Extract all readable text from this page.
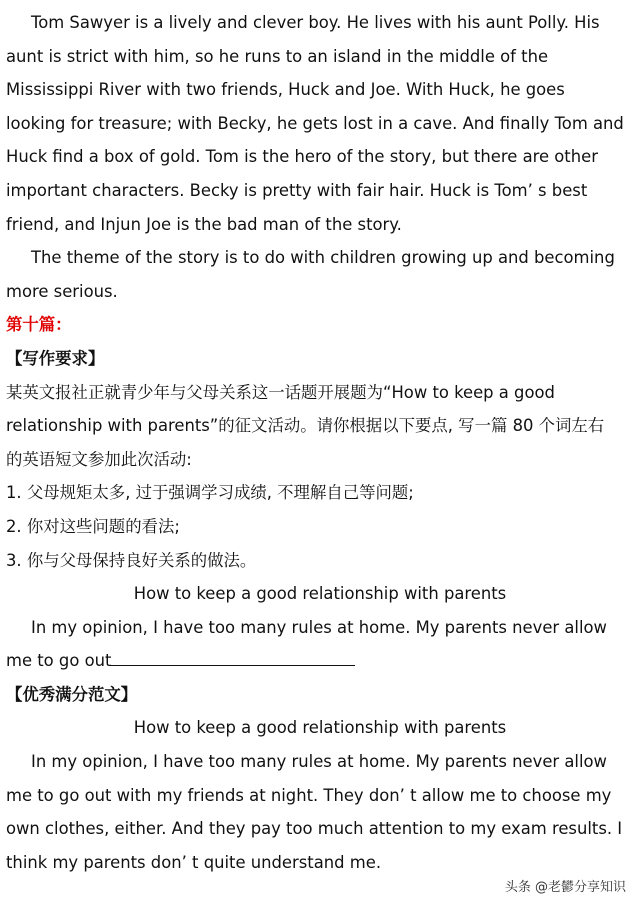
Tom Sawyer is a lively and clever boy. He lives with his aunt Polly. His
aunt is strict with him, so he runs to an island in the middle of the
Mississippi River with two friends, Huck and Joe. With Huck, he goes
looking for treasure; with Becky, he gets lost in a cave. And finally Tom and
Huck find a box of gold. Tom is the hero of the story, but there are other
important characters. Becky is pretty with fair hair. Huck is Tom’ s best
friend, and Injun Joe is the bad man of the story.
The theme of the story is to do with children growing up and becoming
more serious.
第十篇：
【写作要求】
某英文报社正就青少年与父母关系这一话题开展题为“How to keep a good
relationship with parents”的征文活动。请你根据以下要点, 写一篇 80 个词左右
的英语短文参加此次活动:
1. 父母规矩太多, 过于强调学习成绩, 不理解自己等问题;
2. 你对这些问题的看法;
3. 你与父母保持良好关系的做法。
How to keep a good relationship with parents
In my opinion, I have too many rules at home. My parents never allow
me to go out
【优秀满分范文】
How to keep a good relationship with parents
In my opinion, I have too many rules at home. My parents never allow
me to go out with my friends at night. They don’ t allow me to choose my
own clothes, either. And they pay too much attention to my exam results. I
think my parents don’ t quite understand me.
头条 @老鬰分享知识
